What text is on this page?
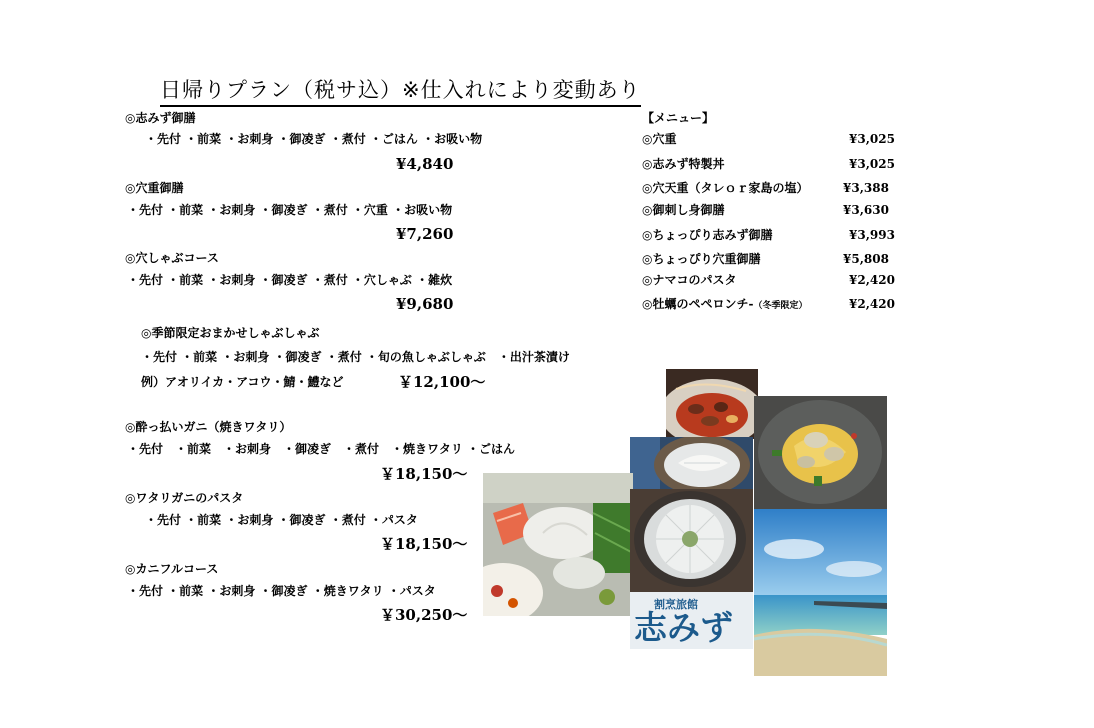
日帰りプラン（税サ込）※仕入れにより変動あり
◎志みず御膳
・先付 ・前菜 ・お刺身 ・御凌ぎ ・煮付 ・ごはん ・お吸い物
¥4,840
◎穴重御膳
・先付 ・前菜 ・お刺身 ・御凌ぎ ・煮付 ・穴重 ・お吸い物
¥7,260
◎穴しゃぶコース
・先付 ・前菜 ・お刺身 ・御凌ぎ ・煮付 ・穴しゃぶ ・雑炊
¥9,680
◎季節限定おまかせしゃぶしゃぶ
・先付 ・前菜 ・お刺身 ・御凌ぎ ・煮付 ・旬の魚しゃぶしゃぶ　・出汁茶漬け
例）アオリイカ・アコウ・鯖・鱧など	￥12,100〜
◎酔っ払いガニ（焼きワタリ）
・先付　・前菜　・お刺身　・御凌ぎ　・煮付　・焼きワタリ ・ごはん
￥18,150〜
◎ワタリガニのパスタ
・先付 ・前菜 ・お刺身 ・御凌ぎ ・煮付 ・パスタ
￥18,150〜
◎カニフルコース
・先付 ・前菜 ・お刺身 ・御凌ぎ ・焼きワタリ ・パスタ
￥30,250〜
【メニュー】
◎穴重	¥3,025
◎志みず特製丼	¥3,025
◎穴天重（タレｏｒ家島の塩）	¥3,388
◎御刺し身御膳	¥3,630
◎ちょっぴり志みず御膳	¥3,993
◎ちょっぴり穴重御膳	¥5,808
◎ナマコのパスタ	¥2,420
◎牡蠣のペペロンチ-（冬季限定）	¥2,420
割烹旅館
志みず
